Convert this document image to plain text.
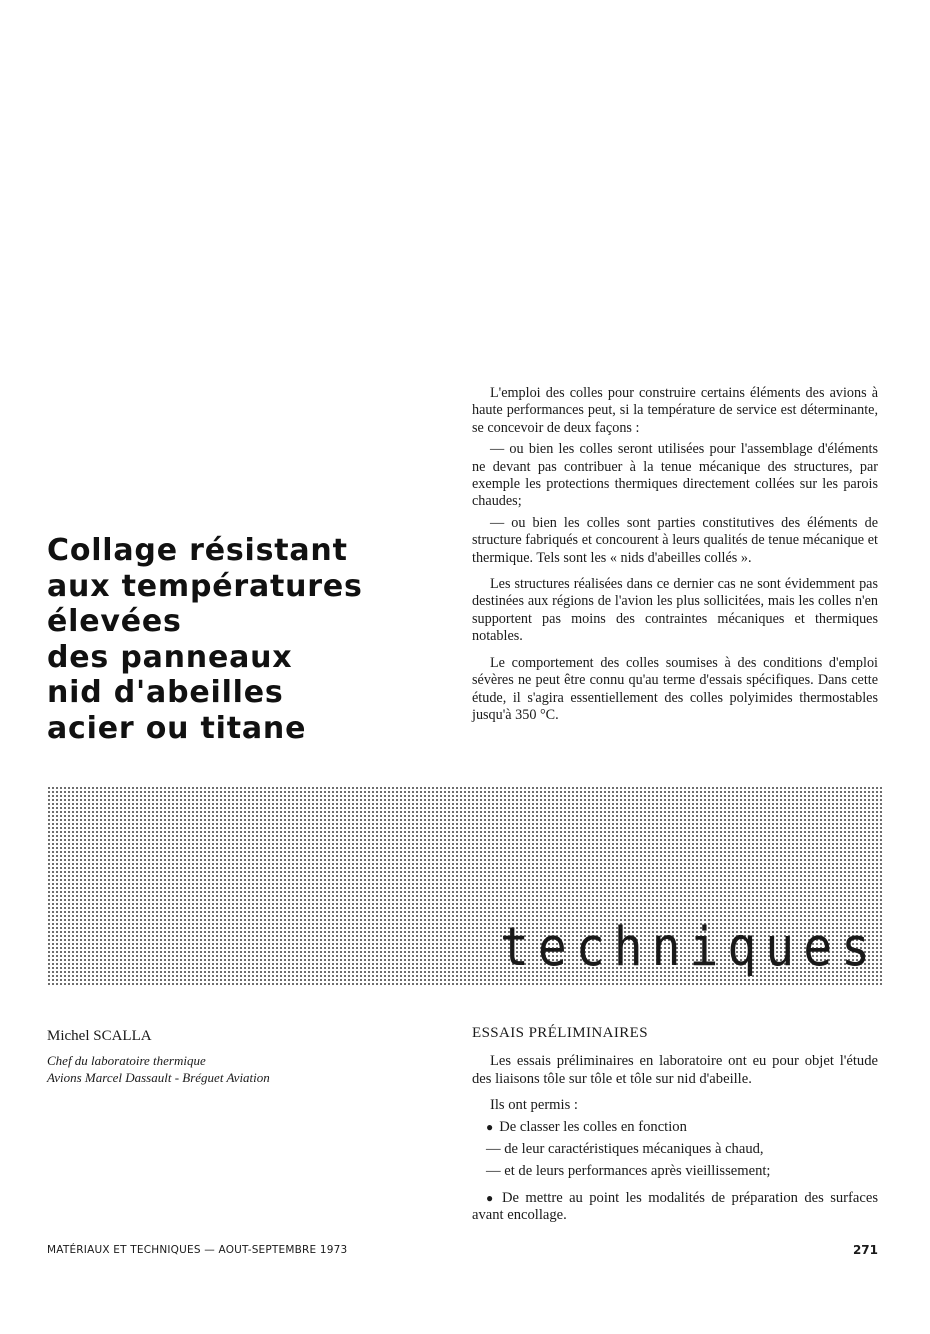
Collage résistant
aux températures
élevées
des panneaux
nid d'abeilles
acier ou titane

L'emploi des colles pour construire certains éléments des avions à haute performances peut, si la température de service est déterminante, se concevoir de deux façons :

— ou bien les colles seront utilisées pour l'assemblage d'éléments ne devant pas contribuer à la tenue mécanique des structures, par exemple les protections thermiques directement collées sur les parois chaudes;

— ou bien les colles sont parties constitutives des éléments de structure fabriqués et concourent à leurs qualités de tenue mécanique et thermique. Tels sont les « nids d'abeilles collés ».

Les structures réalisées dans ce dernier cas ne sont évidemment pas destinées aux régions de l'avion les plus sollicitées, mais les colles n'en supportent pas moins des contraintes mécaniques et thermiques notables.

Le comportement des colles soumises à des conditions d'emploi sévères ne peut être connu qu'au terme d'essais spécifiques. Dans cette étude, il s'agira essentiellement des colles polyimides thermostables jusqu'à 350 °C.

techniques

Michel SCALLA

Chef du laboratoire thermique

Avions Marcel Dassault - Bréguet Aviation

ESSAIS PRÉLIMINAIRES

Les essais préliminaires en laboratoire ont eu pour objet l'étude des liaisons tôle sur tôle et tôle sur nid d'abeille.

Ils ont permis :

● De classer les colles en fonction
— de leur caractéristiques mécaniques à chaud,
— et de leurs performances après vieillissement;
● De mettre au point les modalités de préparation des surfaces avant encollage.
MATÉRIAUX ET TECHNIQUES — AOUT-SEPTEMBRE 1973	271
